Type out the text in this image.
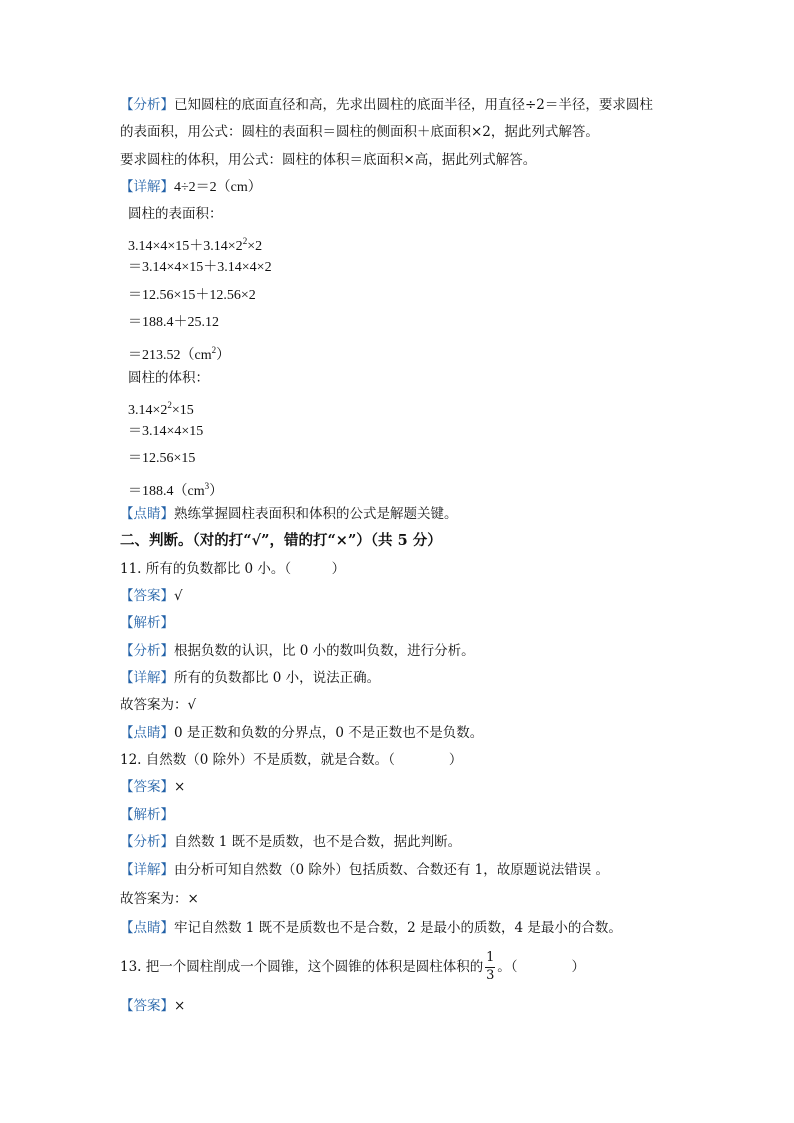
【分析】已知圆柱的底面直径和高，先求出圆柱的底面半径，用直径÷2＝半径，要求圆柱
的表面积，用公式：圆柱的表面积＝圆柱的侧面积＋底面积×2，据此列式解答。
要求圆柱的体积，用公式：圆柱的体积＝底面积×高，据此列式解答。
【详解】4÷2＝2（cm）
圆柱的表面积：
$3.14\times 4\times 15+3.14\times 2^2\times 2$
＝3.14×4×15＋3.14×4×2
＝12.56×15＋12.56×2
＝188.4＋25.12
$=213.52(cm^2)$
圆柱的体积：
$3.14\times 2^2\times 15$
＝3.14×4×15
＝12.56×15
$=188.4(cm^3)$
【点睛】熟练掌握圆柱表面积和体积的公式是解题关键。
二、判断。（对的打“√”，错的打“×”）（共 5 分）
11. 所有的负数都比 0 小。（　　　）
【答案】√
【解析】
【分析】根据负数的认识，比 0 小的数叫负数，进行分析。
【详解】所有的负数都比 0 小，说法正确。
故答案为：√
【点睛】0 是正数和负数的分界点，0 不是正数也不是负数。
12. 自然数（0 除外）不是质数，就是合数。（　　　　）
【答案】×
【解析】
【分析】自然数 1 既不是质数，也不是合数，据此判断。
【详解】由分析可知自然数（0 除外）包括质数、合数还有 1，故原题说法错误 。
故答案为：×
【点睛】牢记自然数 1 既不是质数也不是合数，2 是最小的质数，4 是最小的合数。
13. 把一个圆柱削成一个圆锥，这个圆锥的体积是圆柱体积的 $\frac{1}{3}$ 。（　　　　）
【答案】×
